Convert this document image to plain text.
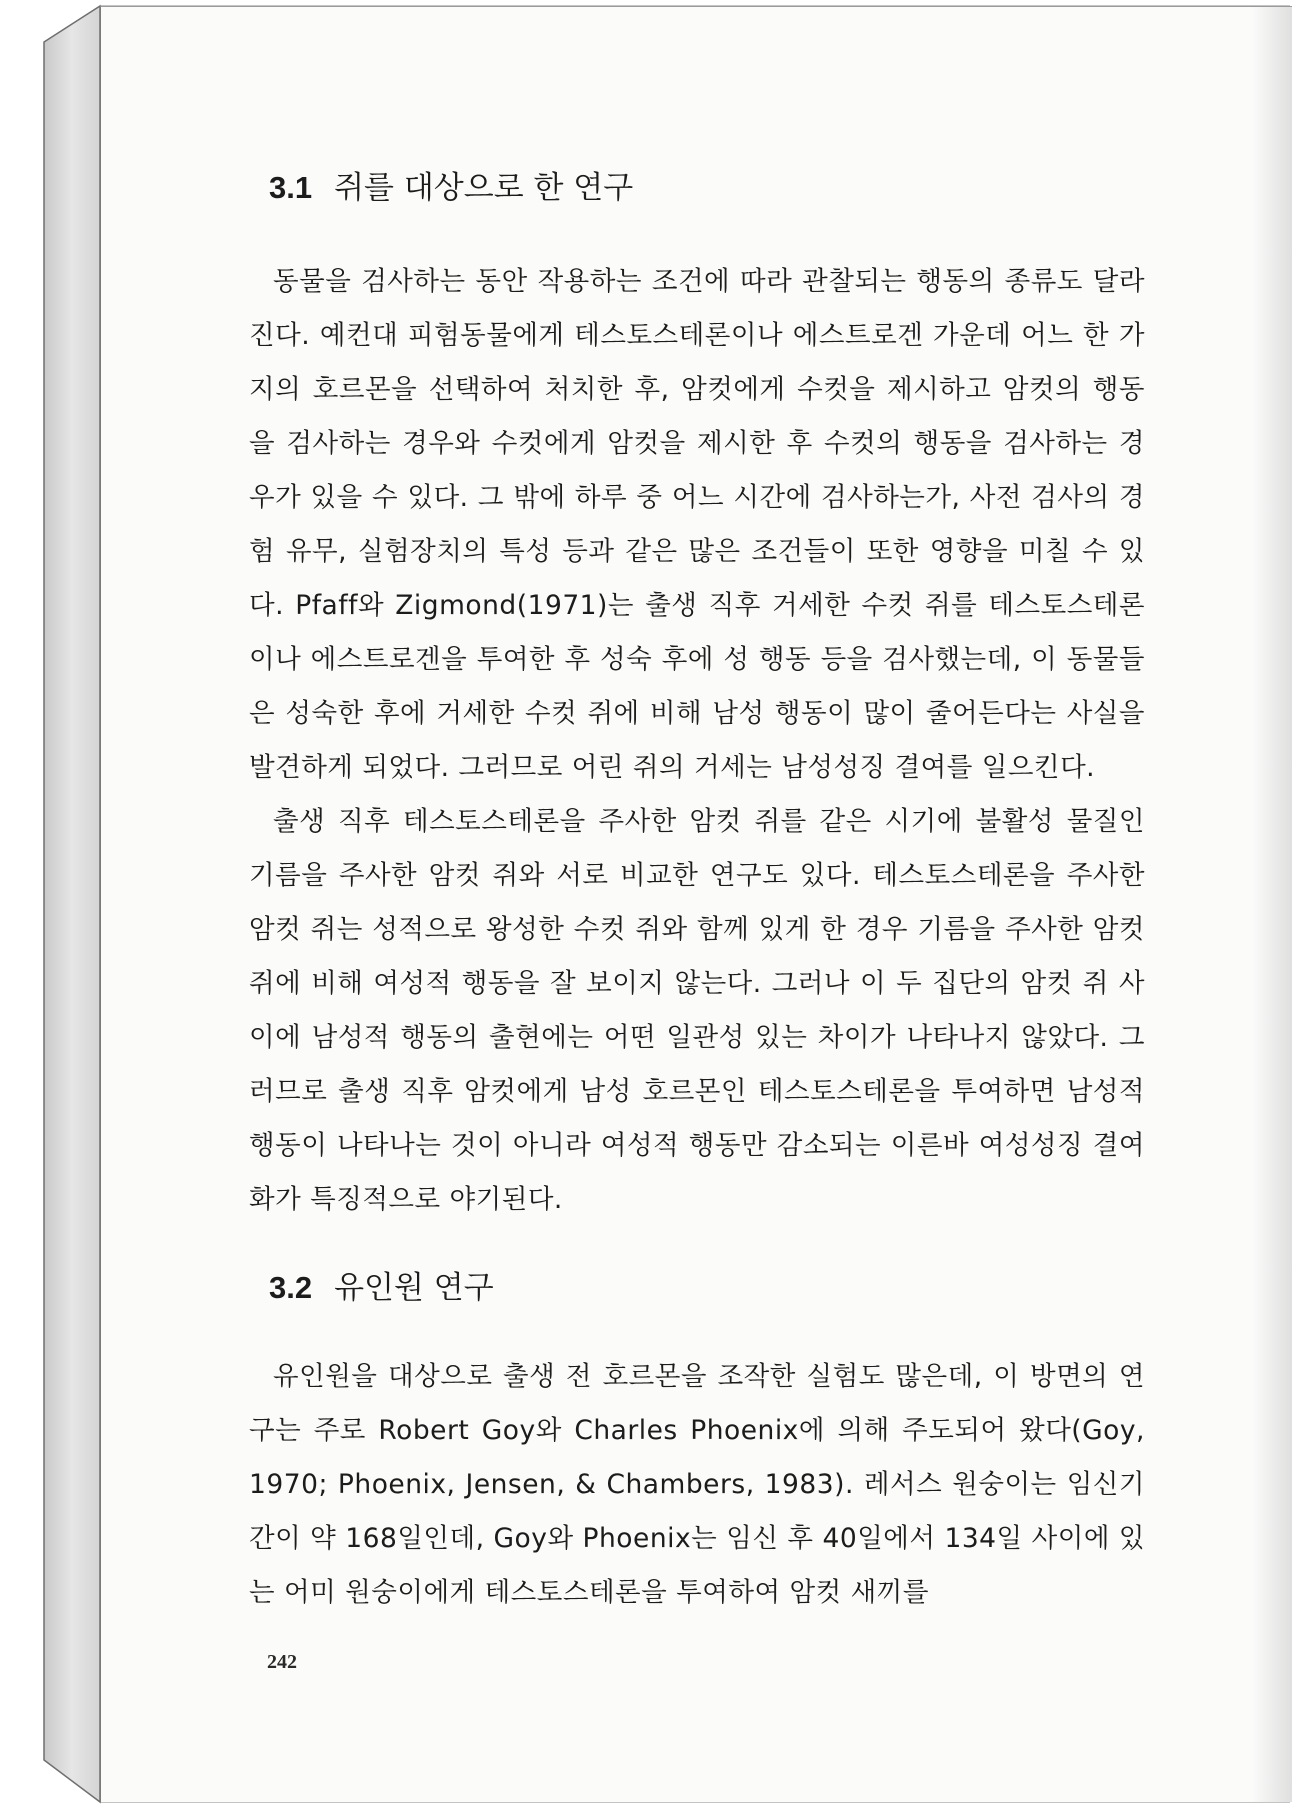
3.1 쥐를 대상으로 한 연구

동물을 검사하는 동안 작용하는 조건에 따라 관찰되는 행동의 종류도 달라진다. 예컨대 피험동물에게 테스토스테론이나 에스트로겐 가운데 어느 한 가지의 호르몬을 선택하여 처치한 후, 암컷에게 수컷을 제시하고 암컷의 행동을 검사하는 경우와 수컷에게 암컷을 제시한 후 수컷의 행동을 검사하는 경우가 있을 수 있다. 그 밖에 하루 중 어느 시간에 검사하는가, 사전 검사의 경험 유무, 실험장치의 특성 등과 같은 많은 조건들이 또한 영향을 미칠 수 있다. Pfaff와 Zigmond(1971)는 출생 직후 거세한 수컷 쥐를 테스토스테론이나 에스트로겐을 투여한 후 성숙 후에 성 행동 등을 검사했는데, 이 동물들은 성숙한 후에 거세한 수컷 쥐에 비해 남성 행동이 많이 줄어든다는 사실을 발견하게 되었다. 그러므로 어린 쥐의 거세는 남성성징 결여를 일으킨다.

출생 직후 테스토스테론을 주사한 암컷 쥐를 같은 시기에 불활성 물질인 기름을 주사한 암컷 쥐와 서로 비교한 연구도 있다. 테스토스테론을 주사한 암컷 쥐는 성적으로 왕성한 수컷 쥐와 함께 있게 한 경우 기름을 주사한 암컷 쥐에 비해 여성적 행동을 잘 보이지 않는다. 그러나 이 두 집단의 암컷 쥐 사이에 남성적 행동의 출현에는 어떤 일관성 있는 차이가 나타나지 않았다. 그러므로 출생 직후 암컷에게 남성 호르몬인 테스토스테론을 투여하면 남성적 행동이 나타나는 것이 아니라 여성적 행동만 감소되는 이른바 여성성징 결여화가 특징적으로 야기된다.

3.2 유인원 연구

유인원을 대상으로 출생 전 호르몬을 조작한 실험도 많은데, 이 방면의 연구는 주로 Robert Goy와 Charles Phoenix에 의해 주도되어 왔다(Goy, 1970; Phoenix, Jensen, & Chambers, 1983). 레서스 원숭이는 임신기간이 약 168일인데, Goy와 Phoenix는 임신 후 40일에서 134일 사이에 있는 어미 원숭이에게 테스토스테론을 투여하여 암컷 새끼를

242
